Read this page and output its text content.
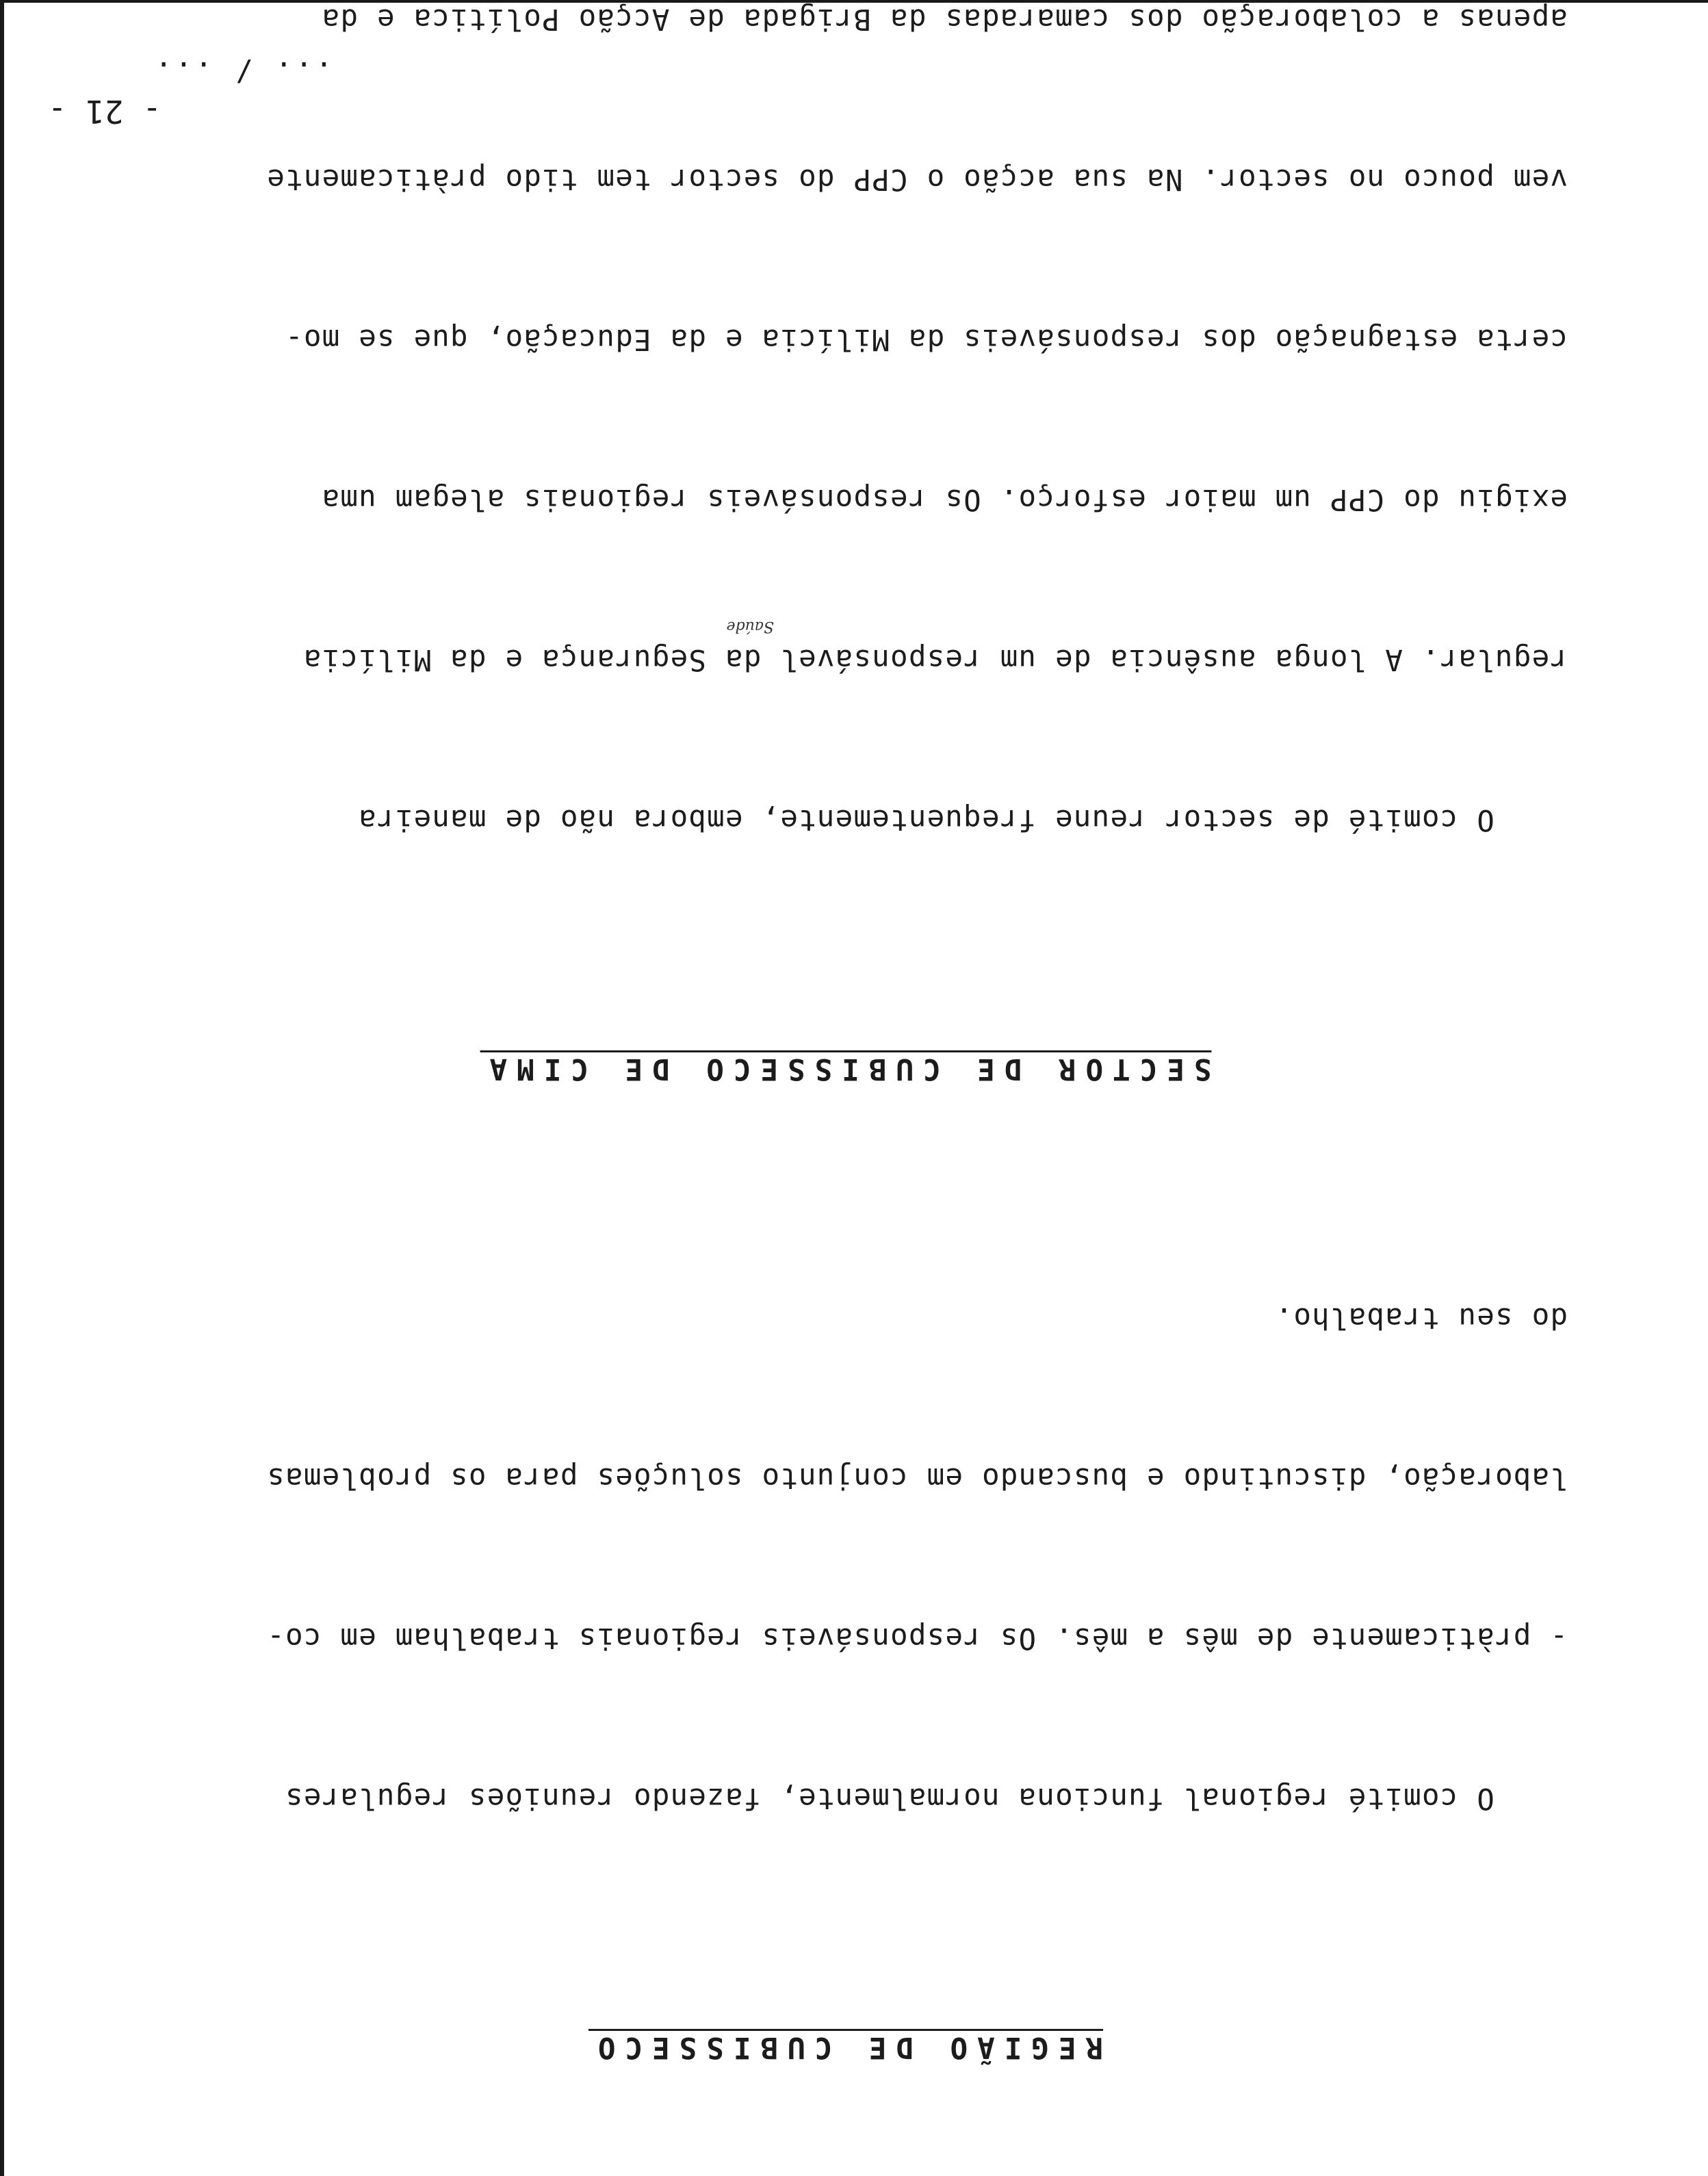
- 21 -
REGIÃO DE CUBISSECO

O comité regional funciona normalmente, fazendo reuniões regulares

- pràticamente de mês a mês. Os responsáveis regionais trabalham em co-

laboração, discutindo e buscando em conjunto soluções para os problemas

do seu trabalho.

SECTOR DE CUBISSECO DE CIMA

O comité de sector reune frequentemente, embora não de maneira

regular. A longa ausência de um responsável da Segurança e da Milícia

exigiu do CPP um maior esforço. Os responsáveis regionais alegam uma

certa estagnação dos responsáveis da Milícia e da Educação, que se mo-

vem pouco no sector. Na sua acção o CPP do sector tem tido pràticamente

apenas a colaboração dos camaradas da Brigada de Acção Política e da

... / ...
Saúde
